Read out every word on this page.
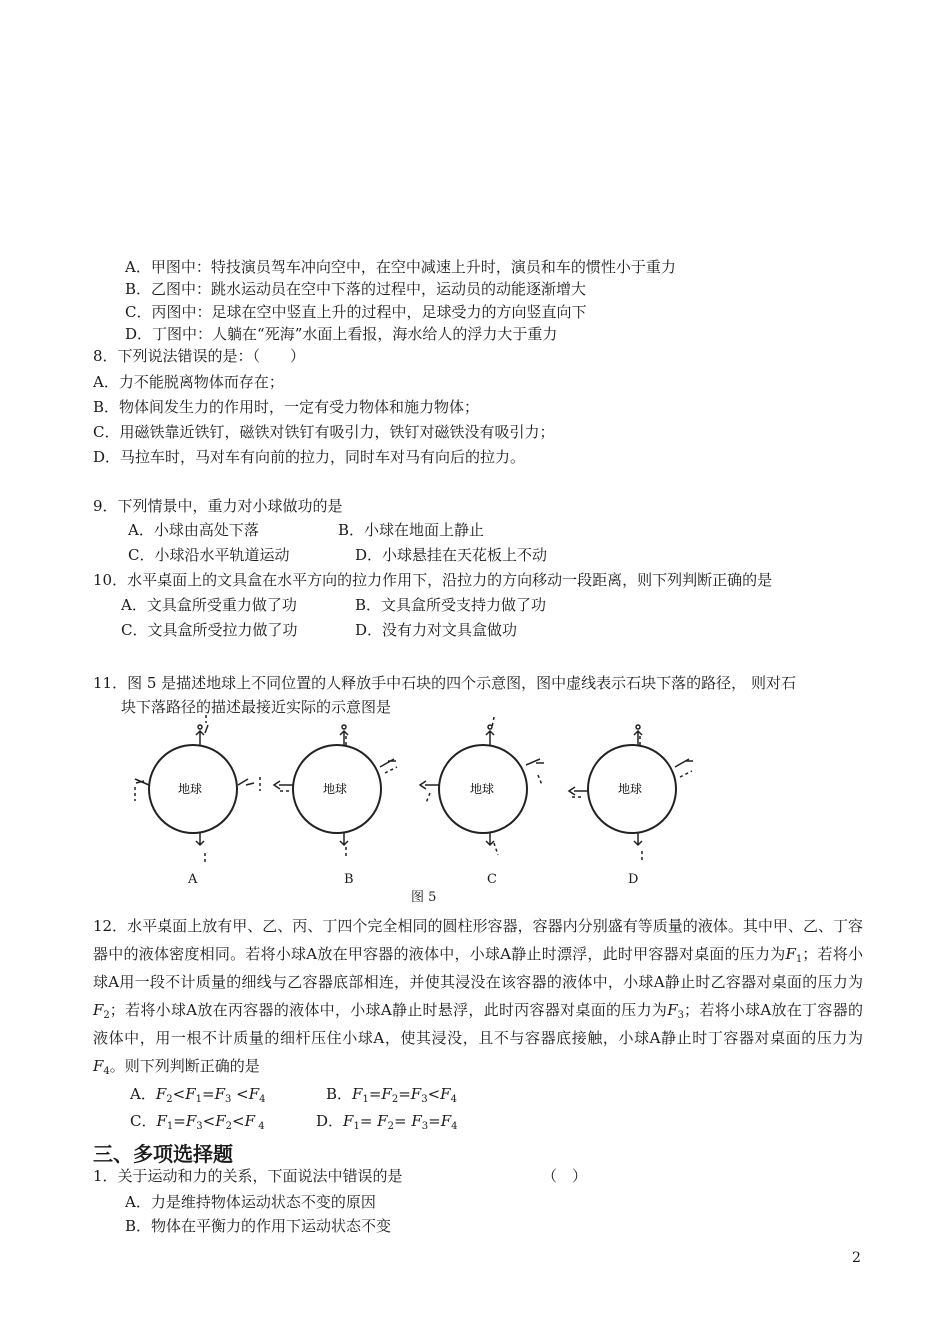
A．甲图中：特技演员驾车冲向空中，在空中减速上升时，演员和车的惯性小于重力
B．乙图中：跳水运动员在空中下落的过程中，运动员的动能逐渐增大
C．丙图中：足球在空中竖直上升的过程中，足球受力的方向竖直向下
D．丁图中：人躺在“死海”水面上看报，海水给人的浮力大于重力
8．下列说法错误的是：（　　）
A．力不能脱离物体而存在；
B．物体间发生力的作用时，一定有受力物体和施力物体；
C．用磁铁靠近铁钉，磁铁对铁钉有吸引力，铁钉对磁铁没有吸引力；
D．马拉车时，马对车有向前的拉力，同时车对马有向后的拉力。
9．下列情景中，重力对小球做功的是
A．小球由高处下落	B．小球在地面上静止
C．小球沿水平轨道运动	D．小球悬挂在天花板上不动
10．水平桌面上的文具盒在水平方向的拉力作用下，沿拉力的方向移动一段距离，则下列判断正确的是
A．文具盒所受重力做了功	B．文具盒所受支持力做了功
C．文具盒所受拉力做了功	D．没有力对文具盒做功
11．图 5 是描述地球上不同位置的人释放手中石块的四个示意图，图中虚线表示石块下落的路径， 则对石
块下落路径的描述最接近实际的示意图是
地球	地球	地球	地球
A	B	C	D
图 5
12．水平桌面上放有甲、乙、丙、丁四个完全相同的圆柱形容器，容器内分别盛有等质量的液体。其中甲、乙、丁容器中的液体密度相同。若将小球A放在甲容器的液体中，小球A静止时漂浮，此时甲容器对桌面的压力为$F_1$；若将小球A用一段不计质量的细线与乙容器底部相连，并使其浸没在该容器的液体中，小球A静止时乙容器对桌面的压力为$F_2$；若将小球A放在丙容器的液体中，小球A静止时悬浮，此时丙容器对桌面的压力为$F_3$；若将小球A放在丁容器的液体中，用一根不计质量的细杆压住小球A，使其浸没，且不与容器底接触，小球A静止时丁容器对桌面的压力为$F_4$。则下列判断正确的是
A．$F_2<F_1=F_3 <F_4$	B．$F_1=F_2=F_3<F_4$
C．$F_1=F_3<F_2<F$ $_4$	D．$F_1= F_2= F_3=F_4$
三、多项选择题
1．关于运动和力的关系，下面说法中错误的是	（　）
A．力是维持物体运动状态不变的原因
B．物体在平衡力的作用下运动状态不变
2
